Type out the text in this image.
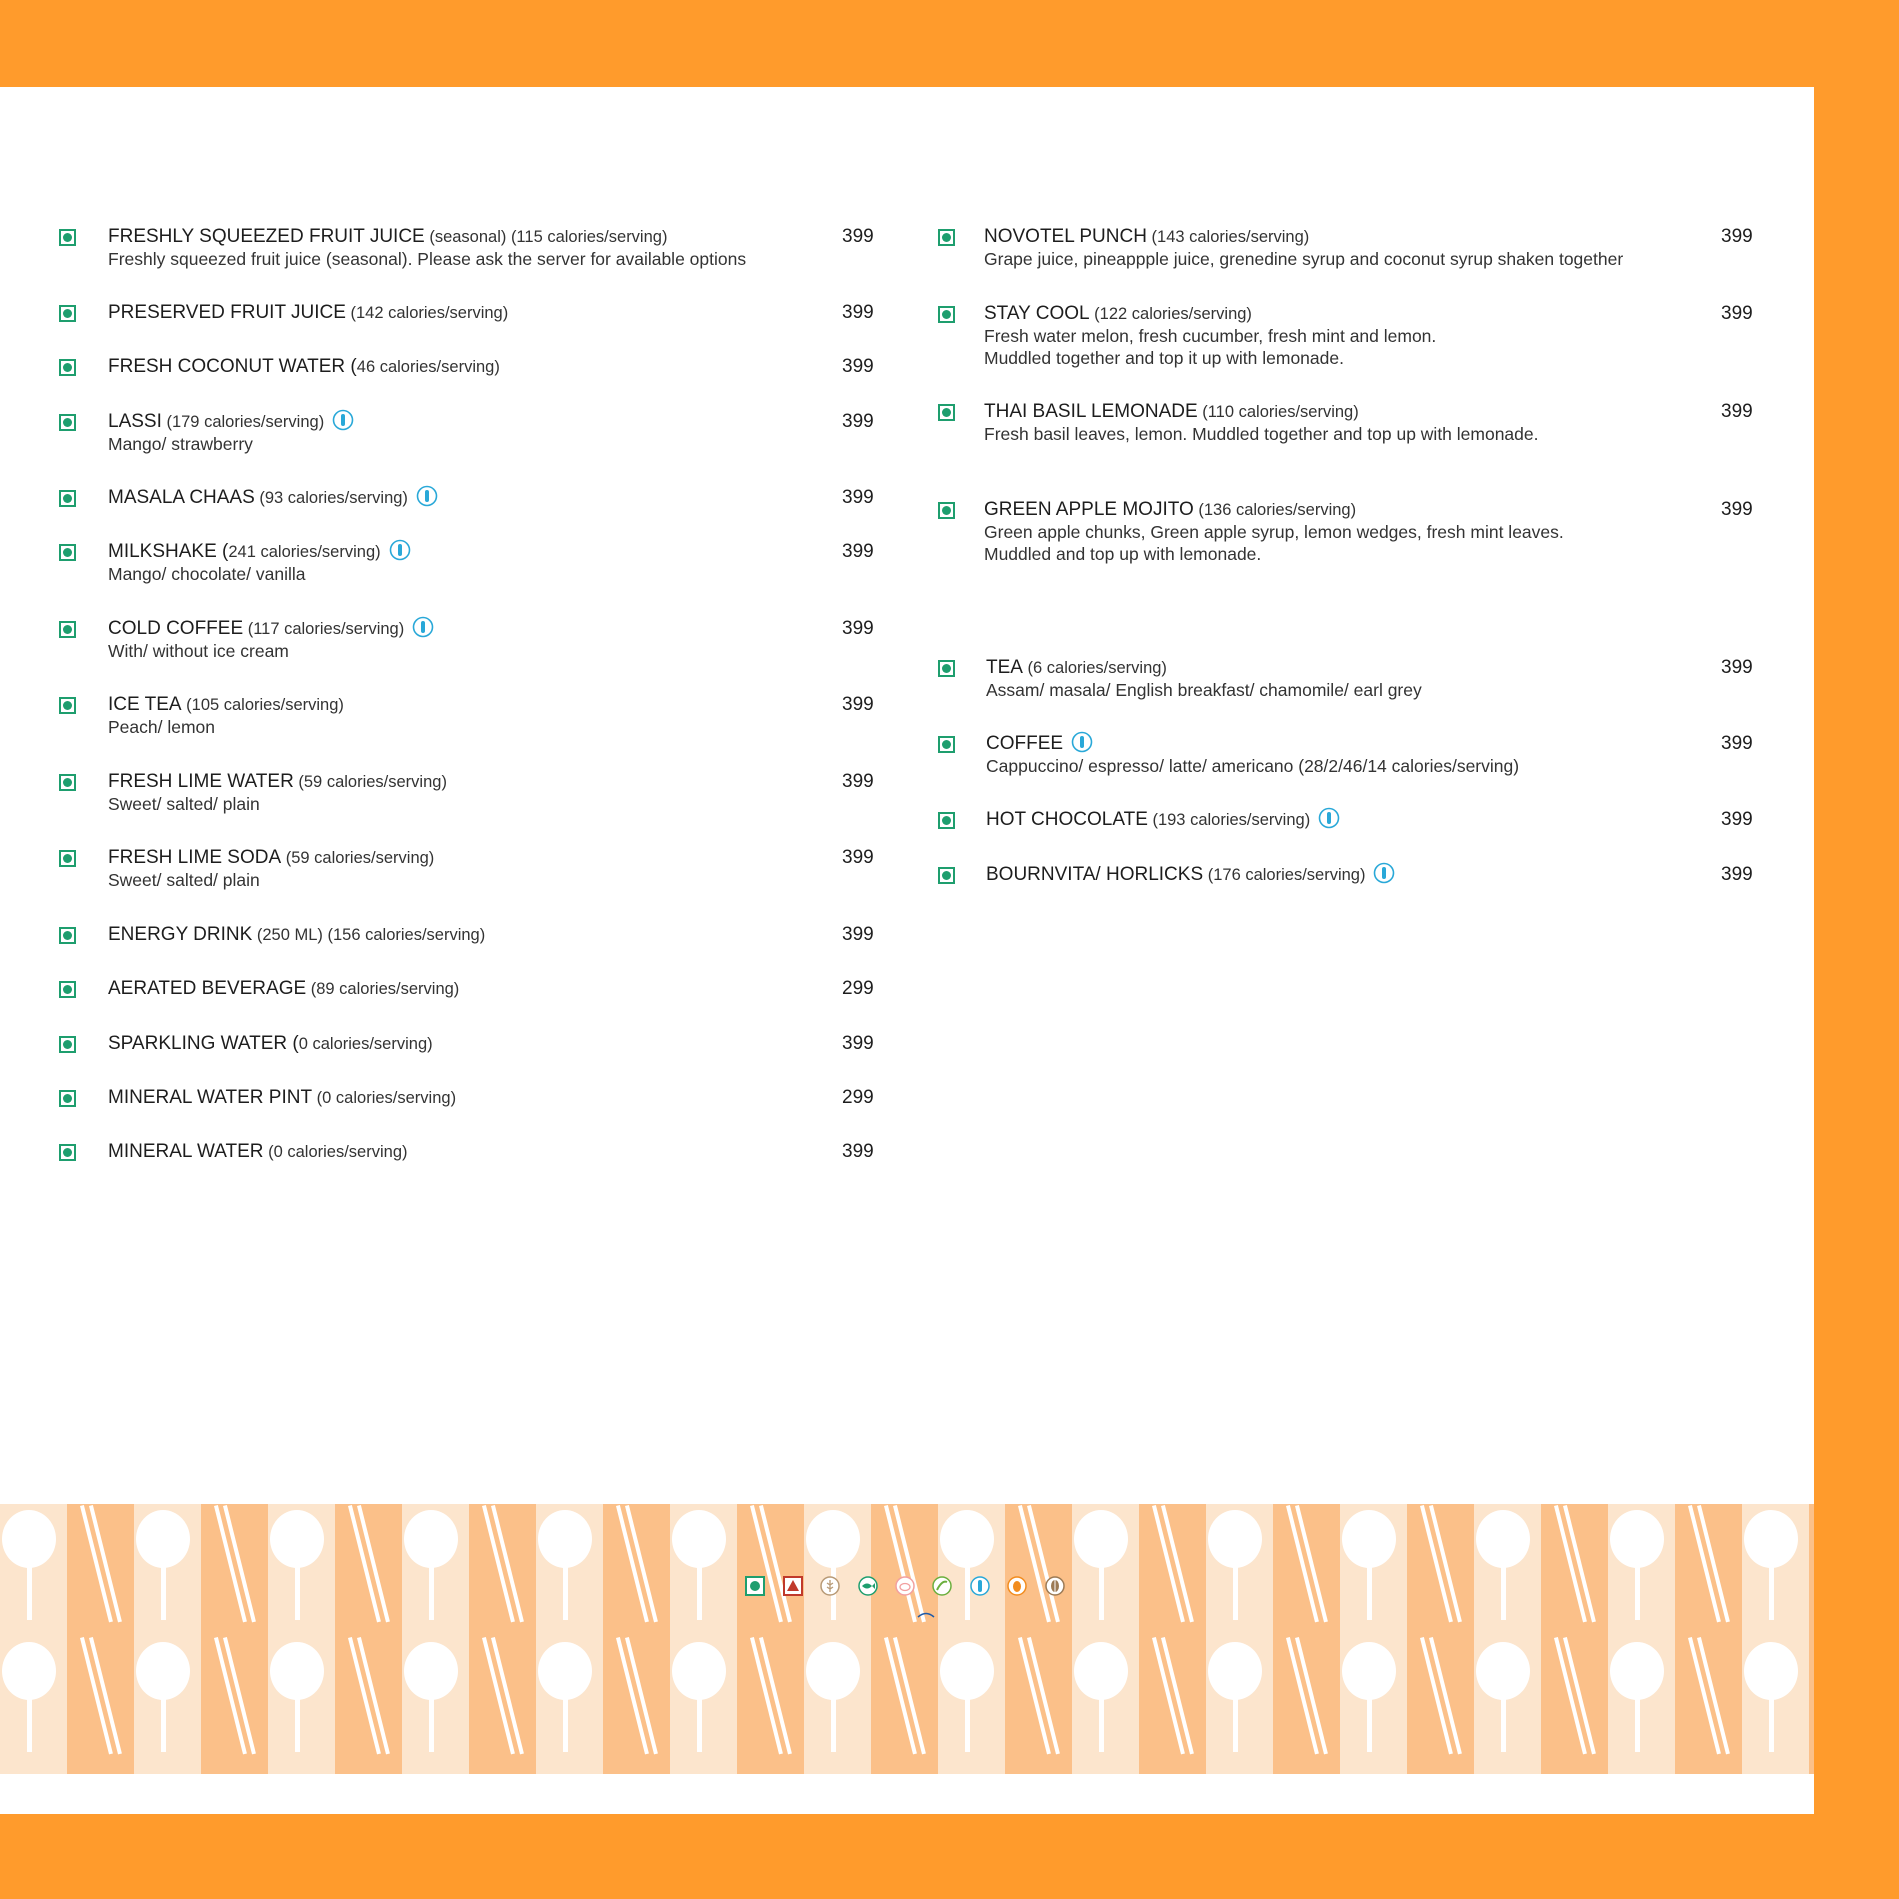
FRESHLY SQUEEZED FRUIT JUICE (seasonal) (115 calories/serving)
Freshly squeezed fruit juice (seasonal). Please ask the server for available options
399
PRESERVED FRUIT JUICE (142 calories/serving)	399
FRESH COCONUT WATER (46 calories/serving)	399
LASSI (179 calories/serving)
Mango/ strawberry
399
MASALA CHAAS (93 calories/serving)	399
MILKSHAKE (241 calories/serving)
Mango/ chocolate/ vanilla
399
COLD COFFEE (117 calories/serving)
With/ without ice cream
399
ICE TEA (105 calories/serving)
Peach/ lemon
399
FRESH LIME WATER (59 calories/serving)
Sweet/ salted/ plain
399
FRESH LIME SODA (59 calories/serving)
Sweet/ salted/ plain
399
ENERGY DRINK (250 ML) (156 calories/serving)	399
AERATED BEVERAGE (89 calories/serving)	299
SPARKLING WATER (0 calories/serving)	399
MINERAL WATER PINT (0 calories/serving)	299
MINERAL WATER (0 calories/serving)	399
NOVOTEL PUNCH (143 calories/serving)
Grape juice, pineappple juice, grenedine syrup and coconut syrup shaken together
399
STAY COOL (122 calories/serving)
Fresh water melon, fresh cucumber, fresh mint and lemon.
Muddled together and top it up with lemonade.
399
THAI BASIL LEMONADE (110 calories/serving)
Fresh basil leaves, lemon. Muddled together and top up with lemonade.
399
GREEN APPLE MOJITO (136 calories/serving)
Green apple chunks, Green apple syrup, lemon wedges, fresh mint leaves.
Muddled and top up with lemonade.
399
TEA (6 calories/serving)
Assam/ masala/ English breakfast/ chamomile/ earl grey
399
COFFEE
Cappuccino/ espresso/ latte/ americano (28/2/46/14 calories/serving)
399
HOT CHOCOLATE (193 calories/serving)	399
BOURNVITA/ HORLICKS (176 calories/serving)	399
